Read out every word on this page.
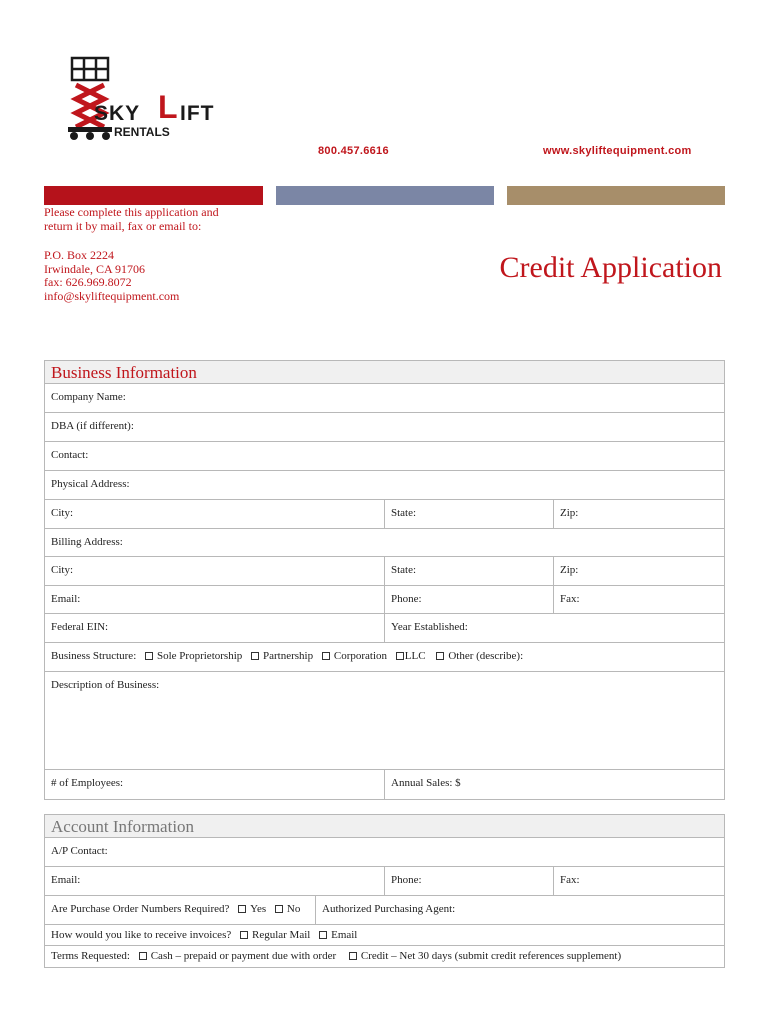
SKY L IFT
RENTALS
800.457.6616	www.skyliftequipment.com

Please complete this application and

return it by mail, fax or email to:

P.O. Box 2224

Irwindale, CA 91706

fax: 626.969.8072

info@skyliftequipment.com

Credit Application
Business Information
Company Name:
DBA (if different):
Contact:
Physical Address:
City:	State:	Zip:
Billing Address:
City:	State:	Zip:
Email:	Phone:	Fax:
Federal EIN:	Year Established:
Business Structure: Sole Proprietorship Partnership Corporation LLC Other (describe):
Description of Business:
# of Employees:	Annual Sales: $
Account Information
A/P Contact:
Email:	Phone:	Fax:
Are Purchase Order Numbers Required? Yes No	Authorized Purchasing Agent:
How would you like to receive invoices? Regular Mail Email
Terms Requested: Cash – prepaid or payment due with order Credit – Net 30 days (submit credit references supplement)
